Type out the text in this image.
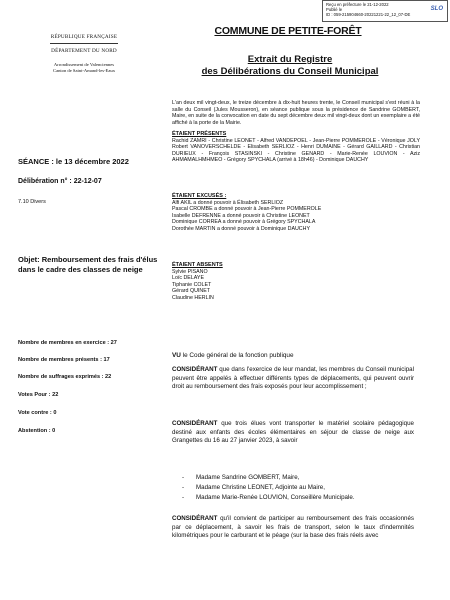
Reçu en préfecture le 21-12-2022
Publié le
ID : 059-215904660-20221221-22_12_07-DE
SLO
RÉPUBLIQUE FRANÇAISE
DÉPARTEMENT DU NORD
Arrondissement de Valenciennes
Canton de Saint-Amand-les-Eaux
COMMUNE DE PETITE-FORÊT
Extrait du Registre
des Délibérations du Conseil Municipal
SÉANCE : le 13 décembre 2022
Délibération n° : 22-12-07
7.10 Divers
Objet: Remboursement des frais d'élus dans le cadre des classes de neige
L'an deux mil vingt-deux, le treize décembre à dix-huit heures trente, le Conseil municipal s'est réuni à la salle du Conseil (Jules Mousseron), en séance publique sous la présidence de Sandrine GOMBERT, Maire, en suite de la convocation en date du sept décembre deux mil vingt-deux dont un exemplaire a été affiché à la porte de la Mairie.
ÉTAIENT PRÉSENTS
Rachid ZAMRI - Christine LEONET - Alfred VANDEPOEL - Jean-Pierre POMMEROLE - Véronique JOLY Robert VANOVERSCHELDE - Elisabeth SERLIOZ - Henri DUMAINE - Gérard GAILLARD - Christian DURIEUX - François STASINSKI - Christine GENARD - Marie-Renée LOUVION - Aziz AHMAMALHMHMEO - Grégory SPYCHALA (arrivé à 18h46) - Dominique DAUCHY
ÉTAIENT EXCUSÉS :
Alfi AKIL a donné pouvoir à Élisabeth SERLIOZ
Pascal CROMBE a donné pouvoir à Jean-Pierre POMMEROLE
Isabelle DEFRENNE a donné pouvoir à Christine LEONET
Dominique CORREA a donné pouvoir à Grégory SPYCHALA
Dorothée MARTIN a donné pouvoir à Dominique DAUCHY
ÉTAIENT ABSENTS
Sylvie PISANO
Loïc DELAYE
Tiphanie COLET
Gérard QUINET
Claudine HERLIN
Nombre de membres en exercice : 27
Nombre de membres présents : 17
Nombre de suffrages exprimés : 22
Votes Pour : 22
Vote contre : 0
Abstention : 0
VU le Code général de la fonction publique
CONSIDÉRANT que dans l'exercice de leur mandat, les membres du Conseil municipal peuvent être appelés à effectuer différents types de déplacements, qui peuvent ouvrir droit au remboursement des frais exposés pour leur accomplissement ;
CONSIDÉRANT que trois élues vont transporter le matériel scolaire pédagogique destiné aux enfants des écoles élémentaires en séjour de classe de neige aux Grangettes du 16 au 27 janvier 2023, à savoir
- Madame Sandrine GOMBERT, Maire,
- Madame Christine LEONET, Adjointe au Maire,
- Madame Marie-Renée LOUVION, Conseillère Municipale.
CONSIDÉRANT qu'il convient de participer au remboursement des frais occasionnés par ce déplacement, à savoir les frais de transport, selon le taux d'indemnités kilométriques pour le carburant et le péage (sur la base des frais réels avec
